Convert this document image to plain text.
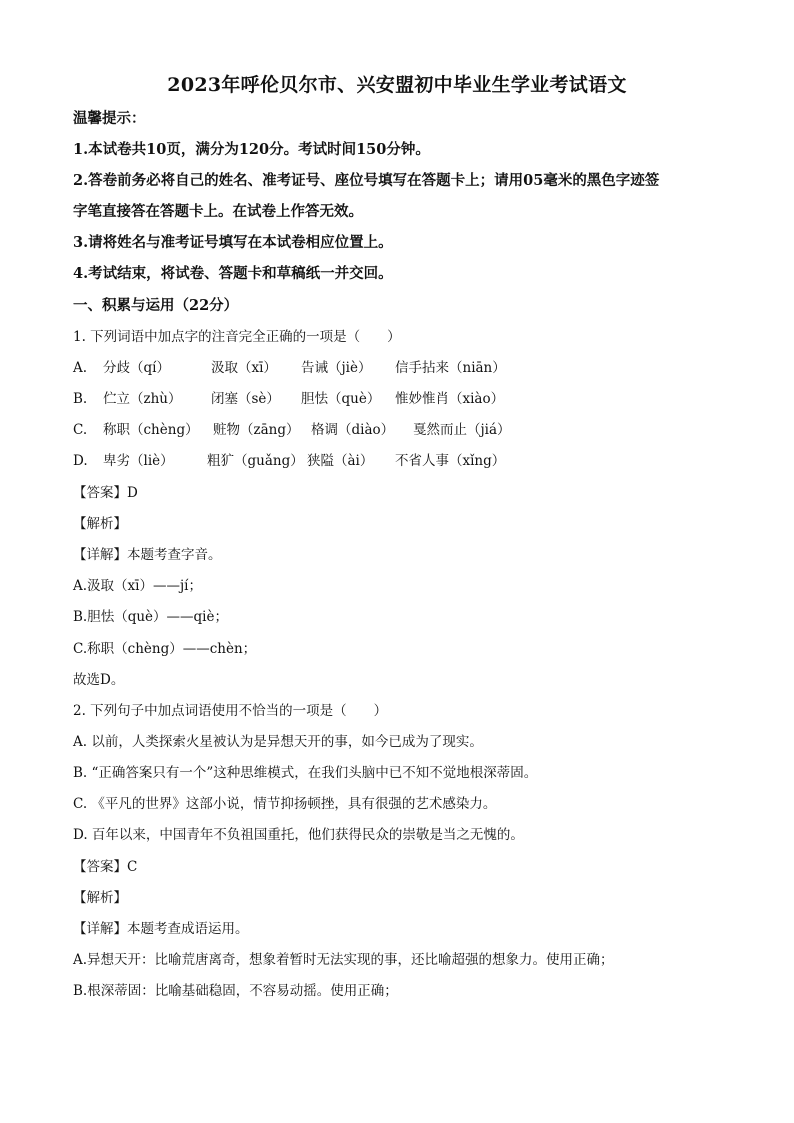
2023年呼伦贝尔市、兴安盟初中毕业生学业考试语文
温馨提示：
1.本试卷共10页，满分为120分。考试时间150分钟。
2.答卷前务必将自己的姓名、准考证号、座位号填写在答题卡上；请用05毫米的黑色字迹签
字笔直接答在答题卡上。在试卷上作答无效。
3.请将姓名与准考证号填写在本试卷相应位置上。
4.考试结束，将试卷、答题卡和草稿纸一并交回。
一、积累与运用（22分）
1. 下列词语中加点字的注音完全正确的一项是（　　）
A. 分歧（qí）	汲取（xī） 告诫（jiè） 信手拈来（niān）
B. 伫立（zhù） 闭塞（sè） 胆怯（què） 惟妙惟肖（xiào）
C. 称职（chèng） 赃物（zāng） 格调（diào） 戛然而止（jiá）
D. 卑劣（liè） 粗犷（guǎng） 狭隘（ài） 不省人事（xǐng）
【答案】D
【解析】
【详解】本题考查字音。
A.汲取（xī）——jí；
B.胆怯（què）——qiè；
C.称职（chèng）——chèn；
故选D。
2. 下列句子中加点词语使用不恰当的一项是（　　）
A. 以前，人类探索火星被认为是异想天开的事，如今已成为了现实。
B. “正确答案只有一个”这种思维模式，在我们头脑中已不知不觉地根深蒂固。
C. 《平凡的世界》这部小说，情节抑扬顿挫，具有很强的艺术感染力。
D. 百年以来，中国青年不负祖国重托，他们获得民众的崇敬是当之无愧的。
【答案】C
【解析】
【详解】本题考查成语运用。
A.异想天开：比喻荒唐离奇，想象着暂时无法实现的事，还比喻超强的想象力。使用正确；
B.根深蒂固：比喻基础稳固，不容易动摇。使用正确；
